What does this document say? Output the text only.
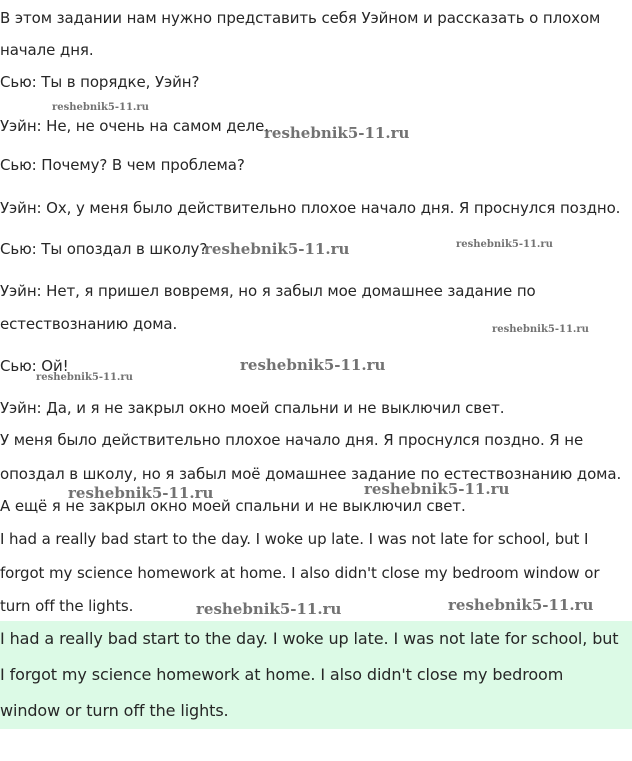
В этом задании нам нужно представить себя Уэйном и рассказать о плохом
начале дня.
Сью: Ты в порядке, Уэйн?
Уэйн: Не, не очень на самом деле.
Сью: Почему? В чем проблема?
Уэйн: Ох, у меня было действительно плохое начало дня. Я проснулся поздно.
Сью: Ты опоздал в школу?
Уэйн: Нет, я пришел вовремя, но я забыл мое домашнее задание по
естествознанию дома.
Сью: Ой!
Уэйн: Да, и я не закрыл окно моей спальни и не выключил свет.
У меня было действительно плохое начало дня. Я проснулся поздно. Я не
опоздал в школу, но я забыл моё домашнее задание по естествознанию дома.
А ещё я не закрыл окно моей спальни и не выключил свет.
I had a really bad start to the day. I woke up late. I was not late for school, but I
forgot my science homework at home. I also didn't close my bedroom window or
turn off the lights.
I had a really bad start to the day. I woke up late. I was not late for school, but
I forgot my science homework at home. I also didn't close my bedroom
window or turn off the lights.
reshebnik5-11.ru
reshebnik5-11.ru
reshebnik5-11.ru	reshebnik5-11.ru
reshebnik5-11.ru
reshebnik5-11.ru
reshebnik5-11.ru
reshebnik5-11.ru	reshebnik5-11.ru
reshebnik5-11.ru	reshebnik5-11.ru
